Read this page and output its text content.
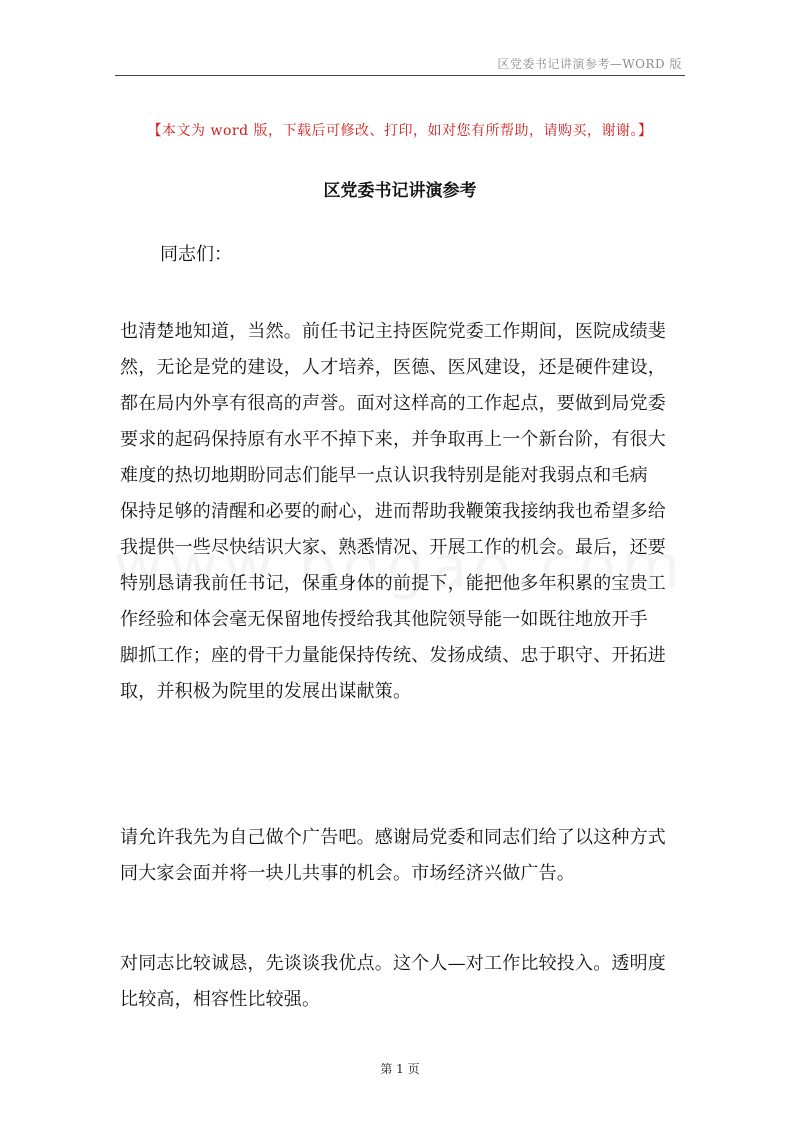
区党委书记讲演参考—WORD 版
【本文为 word 版，下载后可修改、打印，如对您有所帮助，请购买，谢谢。】
区党委书记讲演参考
同志们：
也清楚地知道，当然。前任书记主持医院党委工作期间，医院成绩斐
然，无论是党的建设，人才培养，医德、医风建设，还是硬件建设，
都在局内外享有很高的声誉。面对这样高的工作起点，要做到局党委
要求的起码保持原有水平不掉下来，并争取再上一个新台阶，有很大
难度的热切地期盼同志们能早一点认识我特别是能对我弱点和毛病
保持足够的清醒和必要的耐心，进而帮助我鞭策我接纳我也希望多给
我提供一些尽快结识大家、熟悉情况、开展工作的机会。最后，还要
特别恳请我前任书记，保重身体的前提下，能把他多年积累的宝贵工
作经验和体会毫无保留地传授给我其他院领导能一如既往地放开手
脚抓工作；座的骨干力量能保持传统、发扬成绩、忠于职守、开拓进
取，并积极为院里的发展出谋献策。
请允许我先为自己做个广告吧。感谢局党委和同志们给了以这种方式
同大家会面并将一块儿共事的机会。市场经济兴做广告。
对同志比较诚恳，先谈谈我优点。这个人—对工作比较投入。透明度
比较高，相容性比较强。
第 1 页
